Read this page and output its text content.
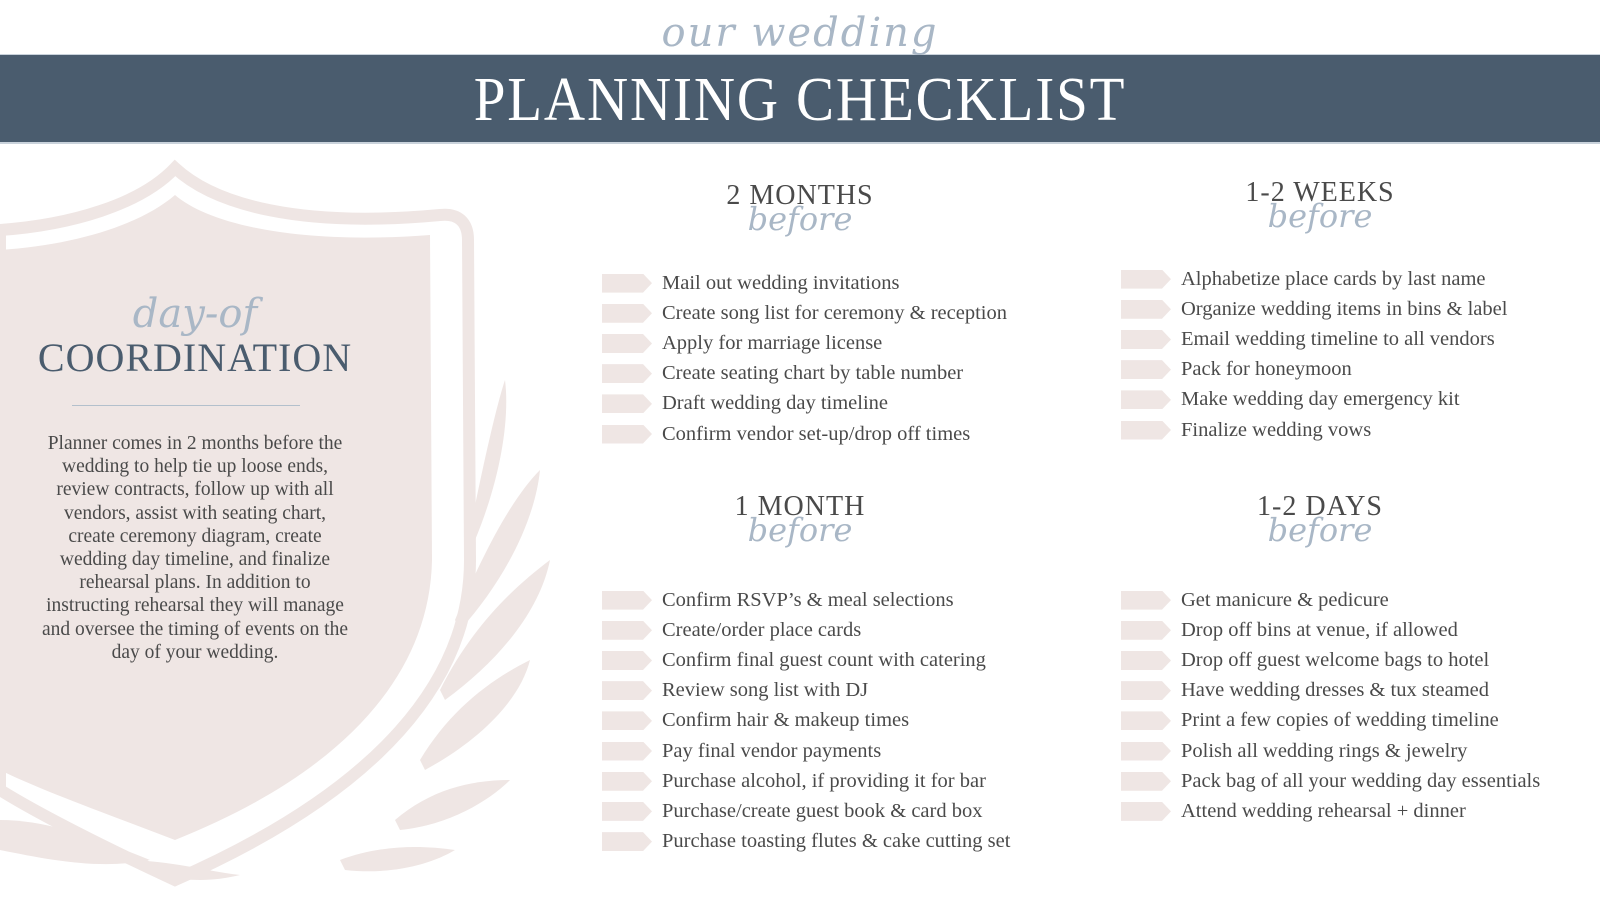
our wedding
PLANNING CHECKLIST
day-of
COORDINATION
Planner comes in 2 months before the wedding to help tie up loose ends, review contracts, follow up with all vendors, assist with seating chart, create ceremony diagram, create wedding day timeline, and finalize rehearsal plans. In addition to instructing rehearsal they will manage and oversee the timing of events on the day of your wedding.
2 MONTHS
before
Mail out wedding invitations
Create song list for ceremony & reception
Apply for marriage license
Create seating chart by table number
Draft wedding day timeline
Confirm vendor set-up/drop off times
1-2 WEEKS
before
Alphabetize place cards by last name
Organize wedding items in bins & label
Email wedding timeline to all vendors
Pack for honeymoon
Make wedding day emergency kit
Finalize wedding vows
1 MONTH
before
Confirm RSVP’s & meal selections
Create/order place cards
Confirm final guest count with catering
Review song list with DJ
Confirm hair & makeup times
Pay final vendor payments
Purchase alcohol, if providing it for bar
Purchase/create guest book & card box
Purchase toasting flutes & cake cutting set
1-2 DAYS
before
Get manicure & pedicure
Drop off bins at venue, if allowed
Drop off guest welcome bags to hotel
Have wedding dresses & tux steamed
Print a few copies of wedding timeline
Polish all wedding rings & jewelry
Pack bag of all your wedding day essentials
Attend wedding rehearsal + dinner
